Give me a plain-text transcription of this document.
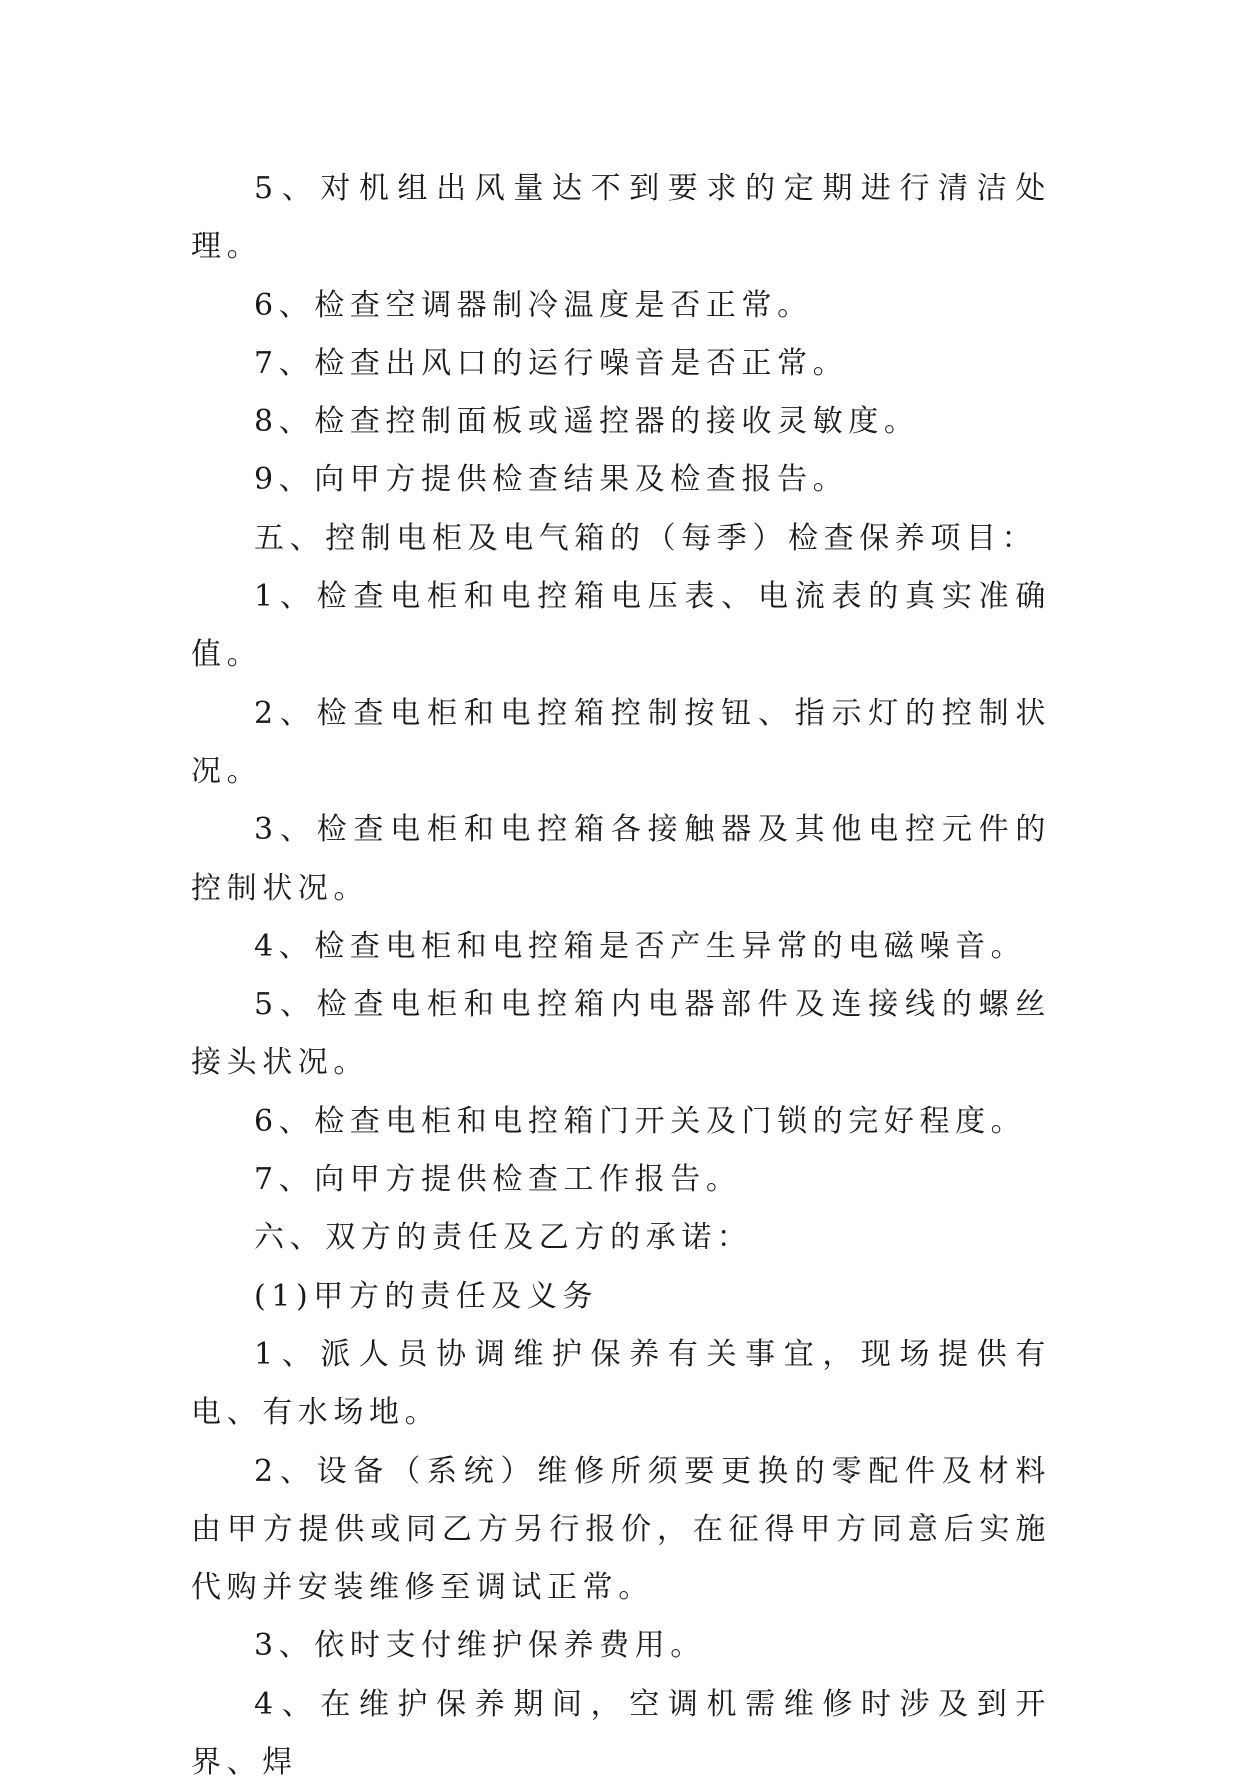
5、对机组出风量达不到要求的定期进行清洁处理。

6、检查空调器制冷温度是否正常。

7、检查出风口的运行噪音是否正常。

8、检查控制面板或遥控器的接收灵敏度。

9、向甲方提供检查结果及检查报告。

五、控制电柜及电气箱的（每季）检查保养项目：

1、检查电柜和电控箱电压表、电流表的真实准确值。

2、检查电柜和电控箱控制按钮、指示灯的控制状况。

3、检查电柜和电控箱各接触器及其他电控元件的控制状况。

4、检查电柜和电控箱是否产生异常的电磁噪音。

5、检查电柜和电控箱内电器部件及连接线的螺丝接头状况。

6、检查电柜和电控箱门开关及门锁的完好程度。

7、向甲方提供检查工作报告。

六、双方的责任及乙方的承诺：

(1)甲方的责任及义务

1、派人员协调维护保养有关事宜，现场提供有电、有水场地。

2、设备（系统）维修所须要更换的零配件及材料由甲方提供或同乙方另行报价，在征得甲方同意后实施代购并安装维修至调试正常。

3、依时支付维护保养费用。

4、在维护保养期间，空调机需维修时涉及到开界、焊
